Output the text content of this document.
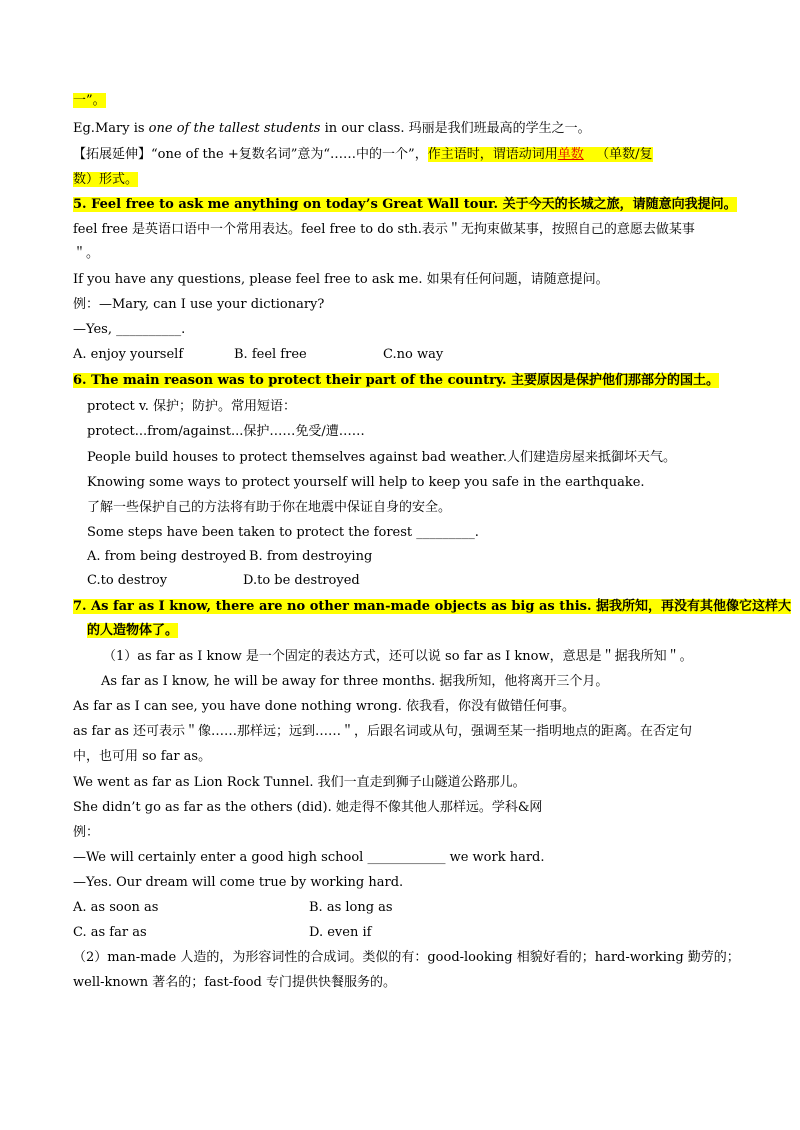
一”。
Eg.Mary is one of the tallest students in our class. 玛丽是我们班最高的学生之一。
【拓展延伸】“one of the +复数名词”意为“……中的一个”，作主语时，谓语动词用单数 （单数/复
数）形式。
5. Feel free to ask me anything on today’s Great Wall tour. 关于今天的长城之旅，请随意向我提问。
feel free 是英语口语中一个常用表达。feel free to do sth.表示＂无拘束做某事，按照自己的意愿去做某事
＂。
If you have any questions, please feel free to ask me. 如果有任何问题，请随意提问。
例：—Mary, can I use your dictionary?
—Yes, __________.
A. enjoy yourself	B. feel free	C.no way
6. The main reason was to protect their part of the country. 主要原因是保护他们那部分的国土。
protect v. 保护；防护。常用短语：
protect...from/against...保护……免受/遭……
People build houses to protect themselves against bad weather.人们建造房屋来抵御坏天气。
Knowing some ways to protect yourself will help to keep you safe in the earthquake.
了解一些保护自己的方法将有助于你在地震中保证自身的安全。
Some steps have been taken to protect the forest _________.
A. from being destroyed B. from destroying
C.to destroy	D.to be destroyed
7. As far as I know, there are no other man-made objects as big as this. 据我所知，再没有其他像它这样大
的人造物体了。
（1）as far as I know 是一个固定的表达方式，还可以说 so far as I know，意思是＂据我所知＂。
As far as I know, he will be away for three months. 据我所知，他将离开三个月。
As far as I can see, you have done nothing wrong. 依我看，你没有做错任何事。
as far as 还可表示＂像……那样远；远到……＂，后跟名词或从句，强调至某一指明地点的距离。在否定句
中，也可用 so far as。
We went as far as Lion Rock Tunnel. 我们一直走到狮子山隧道公路那儿。
She didn’t go as far as the others (did). 她走得不像其他人那样远。学科&网
例：
—We will certainly enter a good high school ____________ we work hard.
—Yes. Our dream will come true by working hard.
A. as soon as	B. as long as
C. as far as	D. even if
（2）man-made 人造的，为形容词性的合成词。类似的有：good-looking 相貌好看的；hard-working 勤劳的；
well-known 著名的；fast-food 专门提供快餐服务的。
